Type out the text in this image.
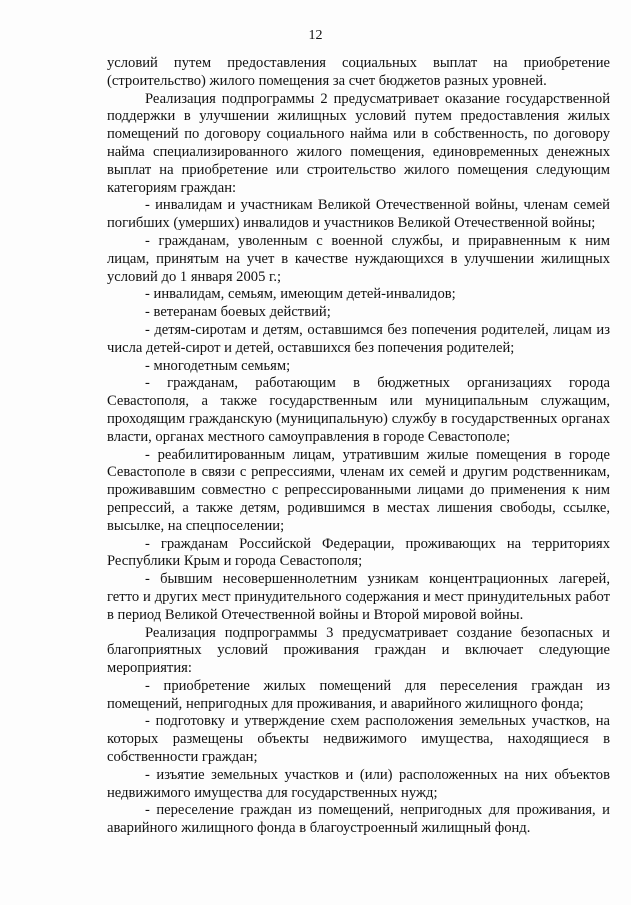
12

условий путем предоставления социальных выплат на приобретение (строительство) жилого помещения за счет бюджетов разных уровней.

Реализация подпрограммы 2 предусматривает оказание государственной поддержки в улучшении жилищных условий путем предоставления жилых помещений по договору социального найма или в собственность, по договору найма специализированного жилого помещения, единовременных денежных выплат на приобретение или строительство жилого помещения следующим категориям граждан:

- инвалидам и участникам Великой Отечественной войны, членам семей погибших (умерших) инвалидов и участников Великой Отечественной войны;

- гражданам, уволенным с военной службы, и приравненным к ним лицам, принятым на учет в качестве нуждающихся в улучшении жилищных условий до 1 января 2005 г.;

- инвалидам, семьям, имеющим детей-инвалидов;

- ветеранам боевых действий;

- детям-сиротам и детям, оставшимся без попечения родителей, лицам из числа детей-сирот и детей, оставшихся без попечения родителей;

- многодетным семьям;

- гражданам, работающим в бюджетных организациях города Севастополя, а также государственным или муниципальным служащим, проходящим гражданскую (муниципальную) службу в государственных органах власти, органах местного самоуправления в городе Севастополе;

- реабилитированным лицам, утратившим жилые помещения в городе Севастополе в связи с репрессиями, членам их семей и другим родственникам, проживавшим совместно с репрессированными лицами до применения к ним репрессий, а также детям, родившимся в местах лишения свободы, ссылке, высылке, на спецпоселении;

- гражданам Российской Федерации, проживающих на территориях Республики Крым и города Севастополя;

- бывшим несовершеннолетним узникам концентрационных лагерей, гетто и других мест принудительного содержания и мест принудительных работ в период Великой Отечественной войны и Второй мировой войны.

Реализация подпрограммы 3 предусматривает создание безопасных и благоприятных условий проживания граждан и включает следующие мероприятия:

- приобретение жилых помещений для переселения граждан из помещений, непригодных для проживания, и аварийного жилищного фонда;

- подготовку и утверждение схем расположения земельных участков, на которых размещены объекты недвижимого имущества, находящиеся в собственности граждан;

- изъятие земельных участков и (или) расположенных на них объектов недвижимого имущества для государственных нужд;

- переселение граждан из помещений, непригодных для проживания, и аварийного жилищного фонда в благоустроенный жилищный фонд.
